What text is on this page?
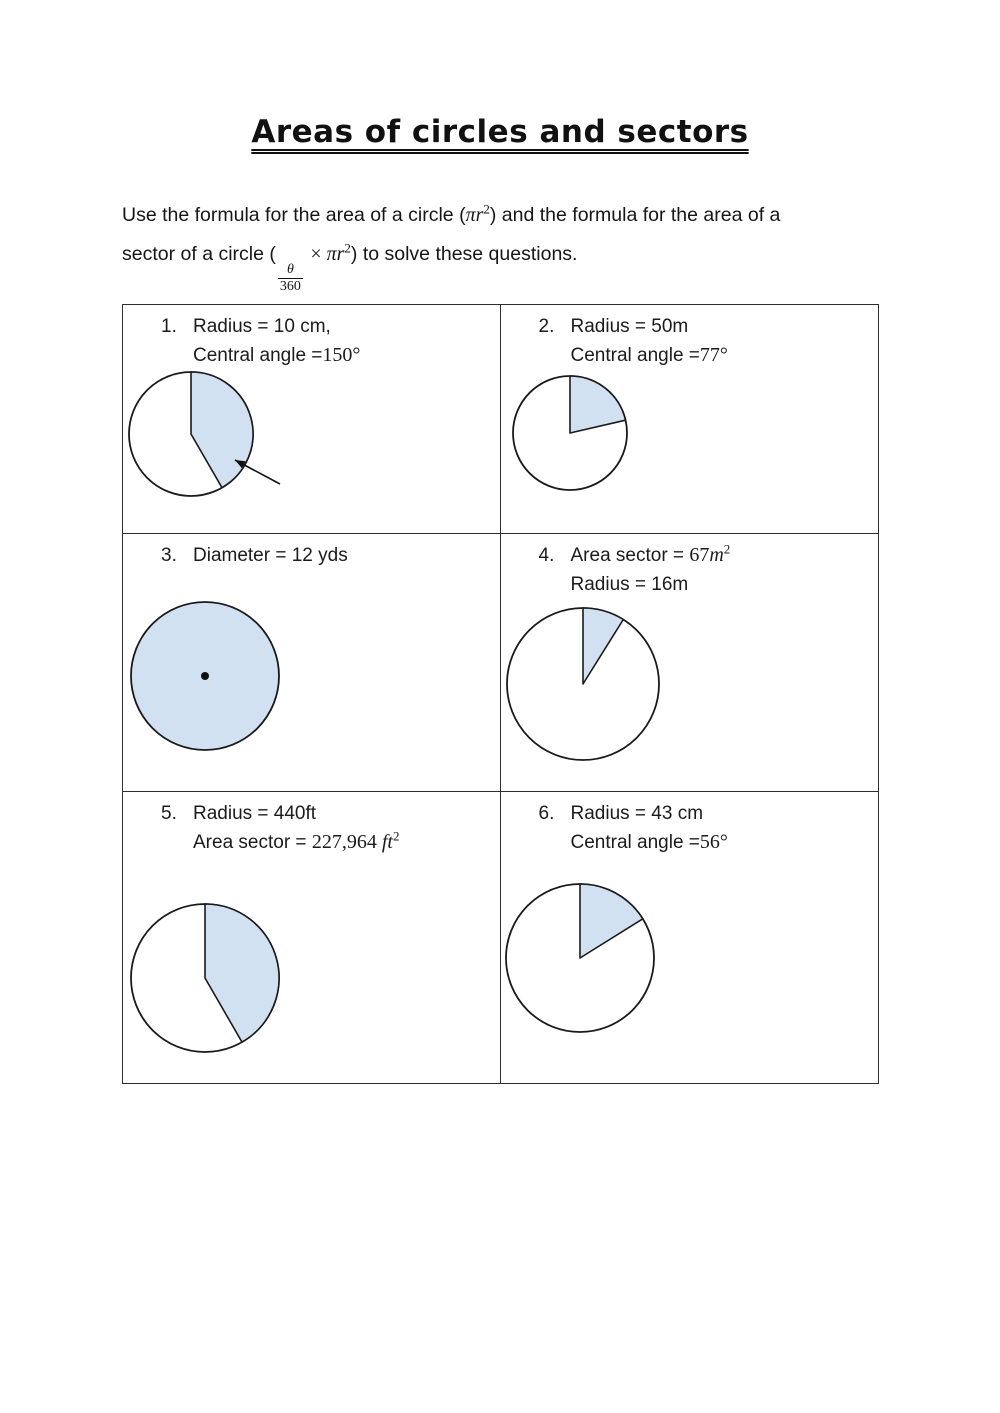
Areas of circles and sectors
Use the formula for the area of a circle $(\pi r^2)$ and the formula for the area of a
sector of a circle (
$\frac{\theta}{360}$
× $\pi r^2$) to solve these questions.
1. Radius = 10 cm,
Central angle = 150°
2. Radius = 50m
Central angle = 77°
3. Diameter = 12 yds	4. Area sector = $67m^2$
Radius = 16m
5. Radius = 440ft
Area sector = 227,964 $ft^2$
6. Radius = 43 cm
Central angle = 56°
